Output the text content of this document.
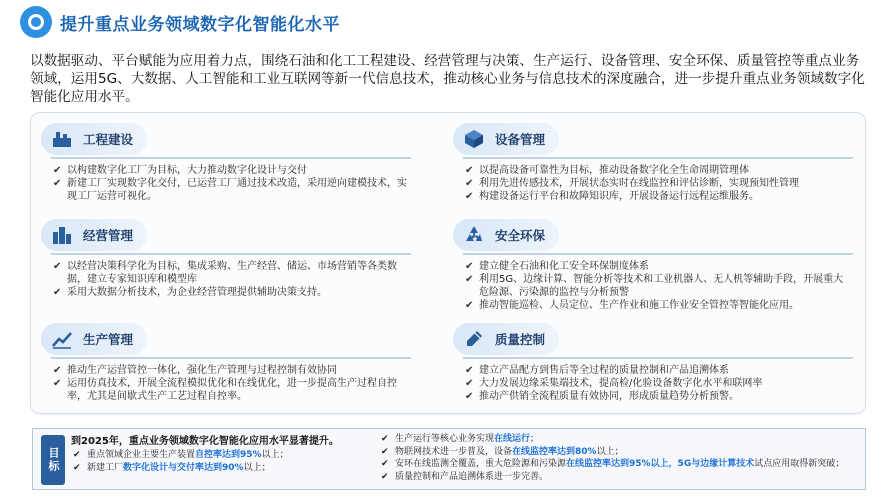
提升重点业务领域数字化智能化水平
以数据驱动、平台赋能为应用着力点，围绕石油和化工工程建设、经营管理与决策、生产运行、设备管理、安全环保、质量管控等重点业务领域，运用5G、大数据、人工智能和工业互联网等新一代信息技术，推动核心业务与信息技术的深度融合，进一步提升重点业务领域数字化智能化应用水平。
工程建设
✔ 以构建数字化工厂为目标，大力推动数字化设计与交付
✔ 新建工厂实现数字化交付，已运营工厂通过技术改造，采用逆向建模技术，实现工厂运营可视化。
设备管理
✔ 以提高设备可靠性为目标，推动设备数字化全生命周期管理体
✔ 利用先进传感技术，开展状态实时在线监控和评估诊断，实现预知性管理
✔ 构建设备运行平台和故障知识库，开展设备运行远程运维服务。
经营管理
✔ 以经营决策科学化为目标，集成采购、生产经营、储运、市场营销等各类数据，建立专家知识库和模型库
✔ 采用大数据分析技术，为企业经营管理提供辅助决策支持。
安全环保
✔ 建立健全石油和化工安全环保制度体系
✔ 利用5G、边缘计算、智能分析等技术和工业机器人、无人机等辅助手段，开展重大危险源、污染源的监控与分析预警
✔ 推动智能巡检、人员定位、生产作业和施工作业安全管控等智能化应用。
生产管理
✔ 推动生产运营管控一体化，强化生产管理与过程控制有效协同
✔ 运用仿真技术，开展全流程模拟优化和在线优化，进一步提高生产过程自控率，尤其是间歇式生产工艺过程自控率。
质量控制
✔ 建立产品配方到售后等全过程的质量控制和产品追溯体系
✔ 大力发展边缘采集端技术，提高检/化验设备数字化水平和联网率
✔ 推动产供销全流程质量有效协同，形成质量趋势分析预警。
目标
到2025年，重点业务领域数字化智能化应用水平显著提升。
✔ 重点领域企业主要生产装置自控率达到95%以上；
✔ 新建工厂数字化设计与交付率达到90%以上；
✔ 生产运行等核心业务实现在线运行；
✔ 物联网技术进一步普及，设备在线监控率达到80%以上；
✔ 安环在线监测全覆盖，重大危险源和污染源在线监控率达到95%以上，5G与边缘计算技术试点应用取得新突破；
✔ 质量控制和产品追溯体系进一步完善。
